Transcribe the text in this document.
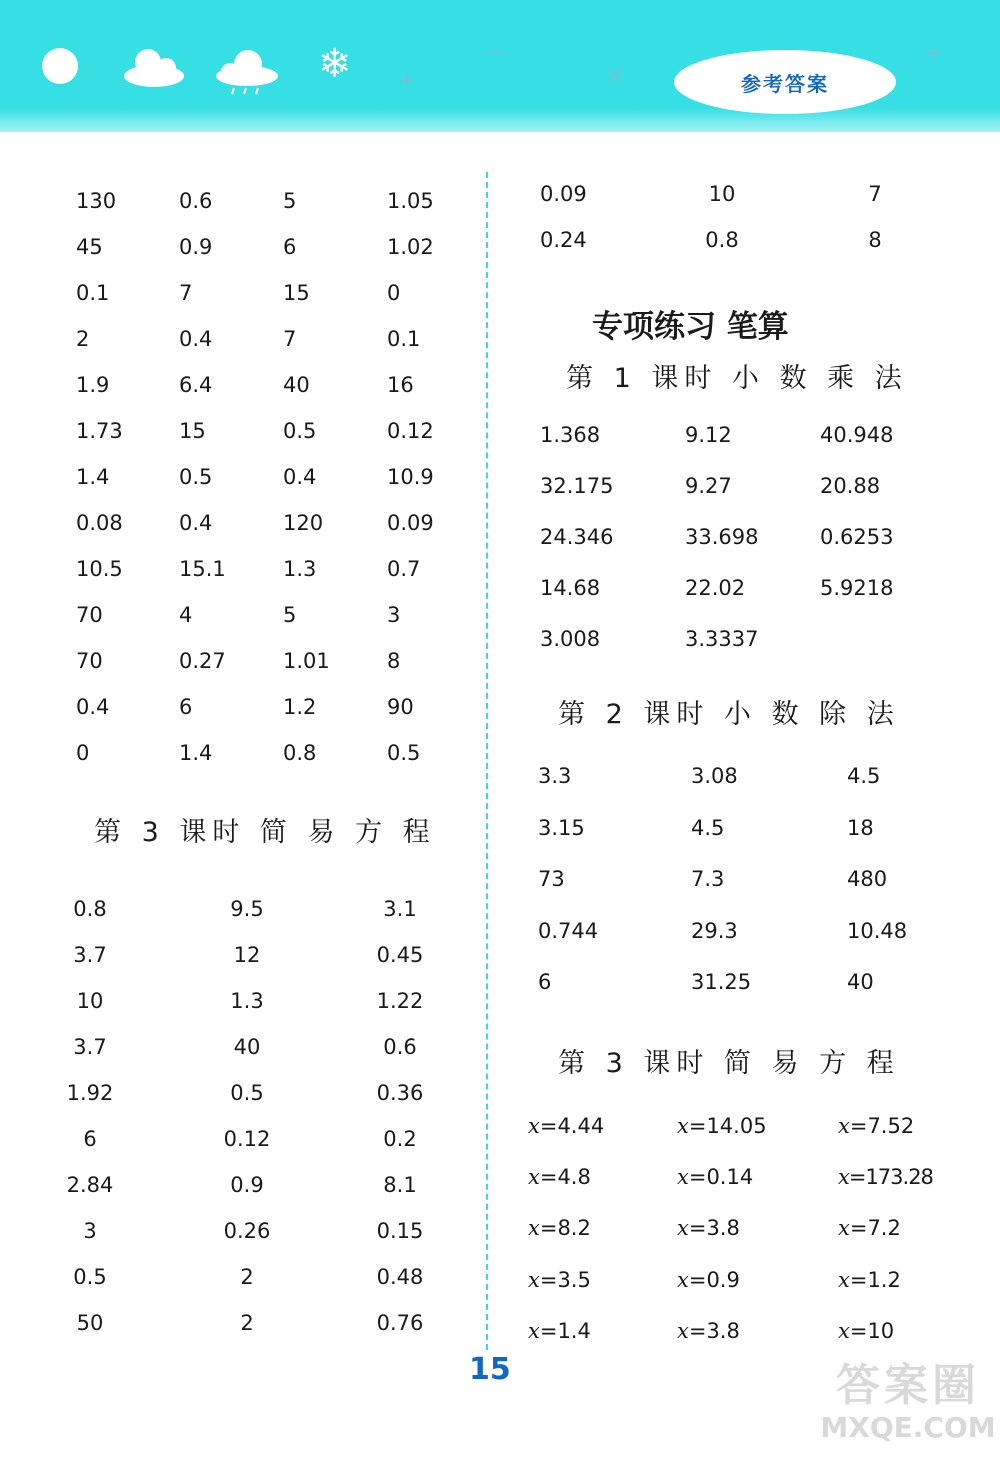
❄ +
−
×
÷
参考答案
130	0.6	5	1.05
45	0.9	6	1.02
0.1	7	15	0
2	0.4	7	0.1
1.9	6.4	40	16
1.73	15	0.5	0.12
1.4	0.5	0.4	10.9
0.08	0.4	120	0.09
10.5	15.1	1.3	0.7
70	4	5	3
70	0.27	1.01	8
0.4	6	1.2	90
0	1.4	0.8	0.5
第 3 课时 简 易 方 程
0.8	9.5	3.1
3.7	12	0.45
10	1.3	1.22
3.7	40	0.6
1.92	0.5	0.36
6	0.12	0.2
2.84	0.9	8.1
3	0.26	0.15
0.5	2	0.48
50	2	0.76
0.09	10	7
0.24	0.8	8
专项练习 笔算
第 1 课时 小 数 乘 法
1.368	9.12	40.948
32.175	9.27	20.88
24.346	33.698	0.6253
14.68	22.02	5.9218
3.008	3.3337
第 2 课时 小 数 除 法
3.3	3.08	4.5
3.15	4.5	18
73	7.3	480
0.744	29.3	10.48
6	31.25	40
第 3 课时 简 易 方 程
x=4.44	x=14.05	x=7.52
x=4.8	x=0.14	x=173.28
x=8.2	x=3.8	x=7.2
x=3.5	x=0.9	x=1.2
x=1.4	x=3.8	x=10
15	答案圈
MXQE.COM
